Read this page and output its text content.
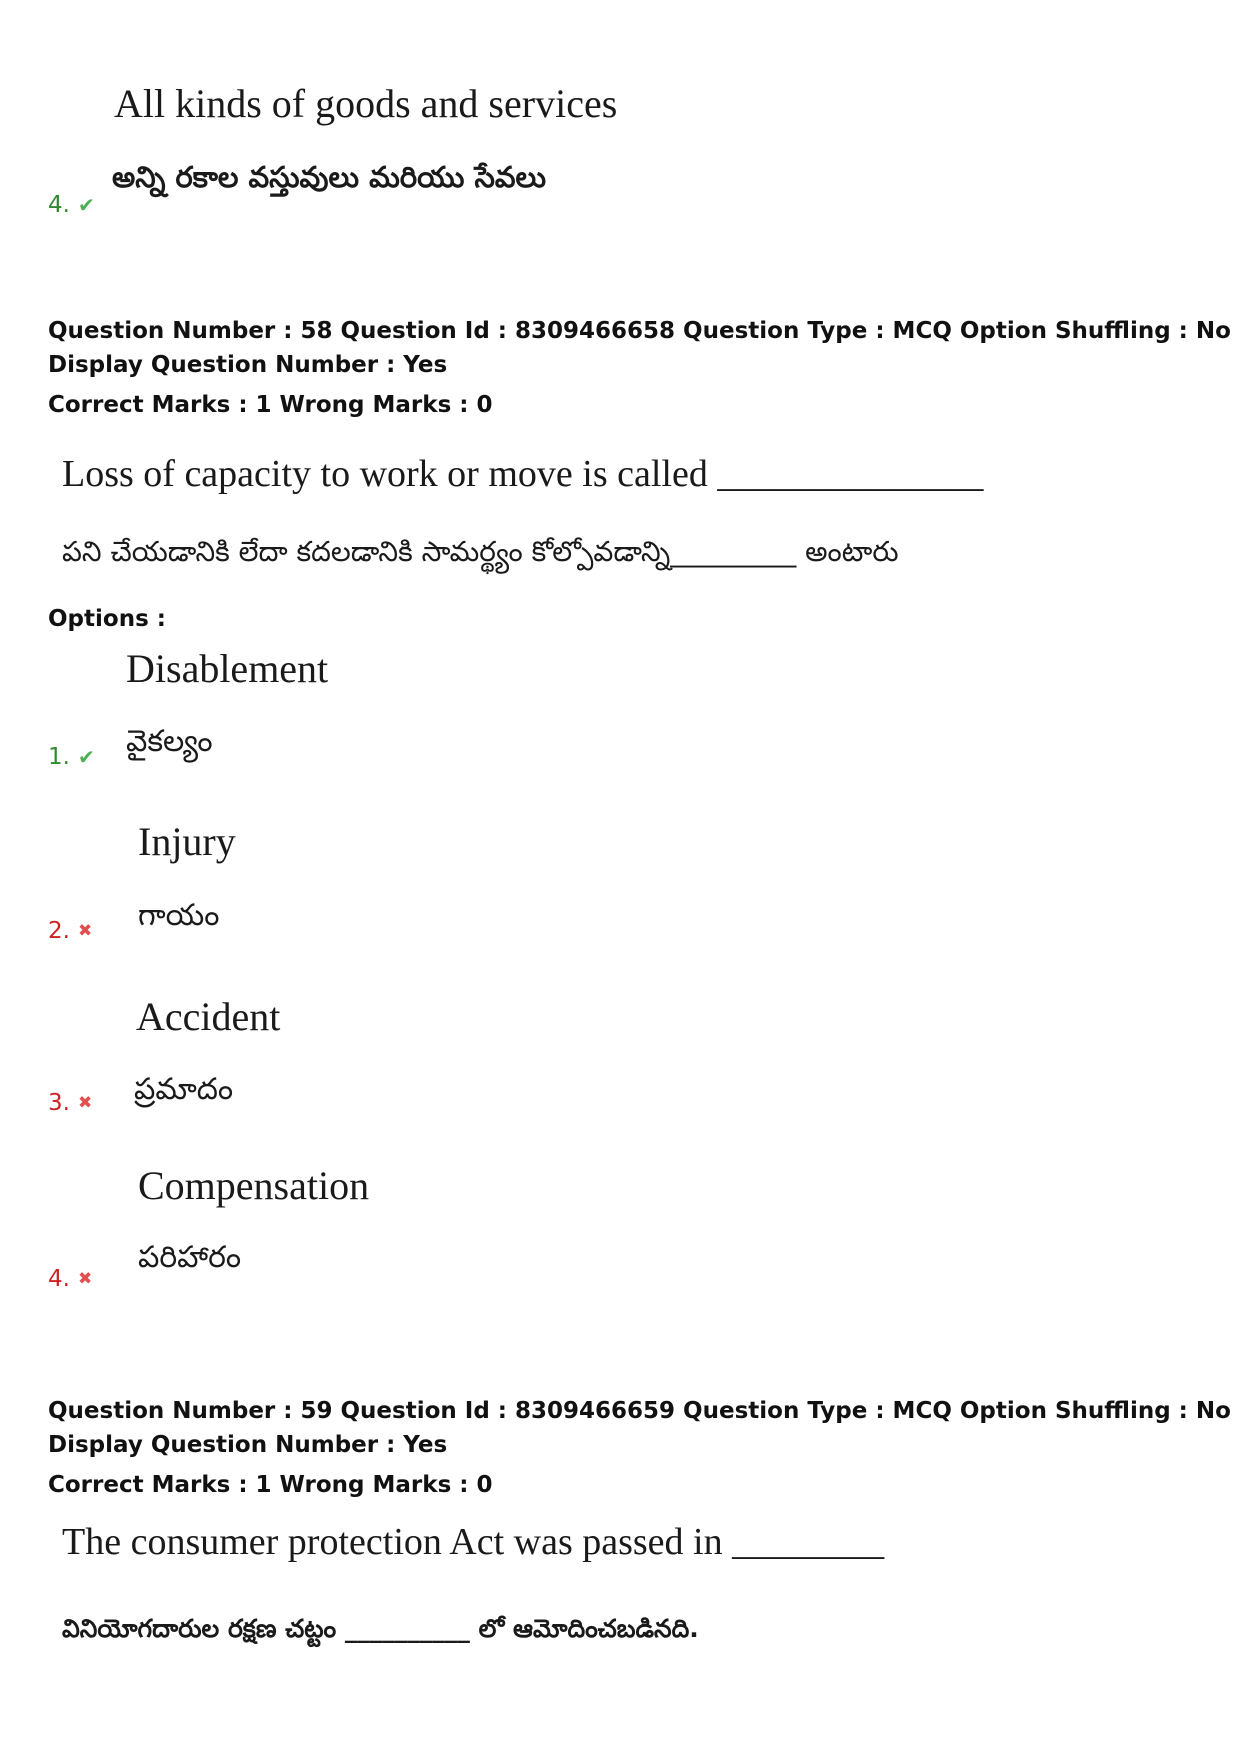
All kinds of goods and services
అన్ని రకాల వస్తువులు మరియు సేవలు
4. ✔
Question Number : 58 Question Id : 8309466658 Question Type : MCQ Option Shuffling : No
Display Question Number : Yes
Correct Marks : 1 Wrong Marks : 0
Loss of capacity to work or move is called ______________
పని చేయడానికి లేదా కదలడానికి సామర్థ్యం కోల్పోవడాన్ని_________ అంటారు
Options :
Disablement
వైకల్యం
1. ✔
Injury
గాయం
2. ✖
Accident
ప్రమాదం
3. ✖
Compensation
పరిహారం
4. ✖
Question Number : 59 Question Id : 8309466659 Question Type : MCQ Option Shuffling : No
Display Question Number : Yes
Correct Marks : 1 Wrong Marks : 0
The consumer protection Act was passed in ________
వినియోగదారుల రక్షణ చట్టం __________ లో ఆమోదించబడినది.
